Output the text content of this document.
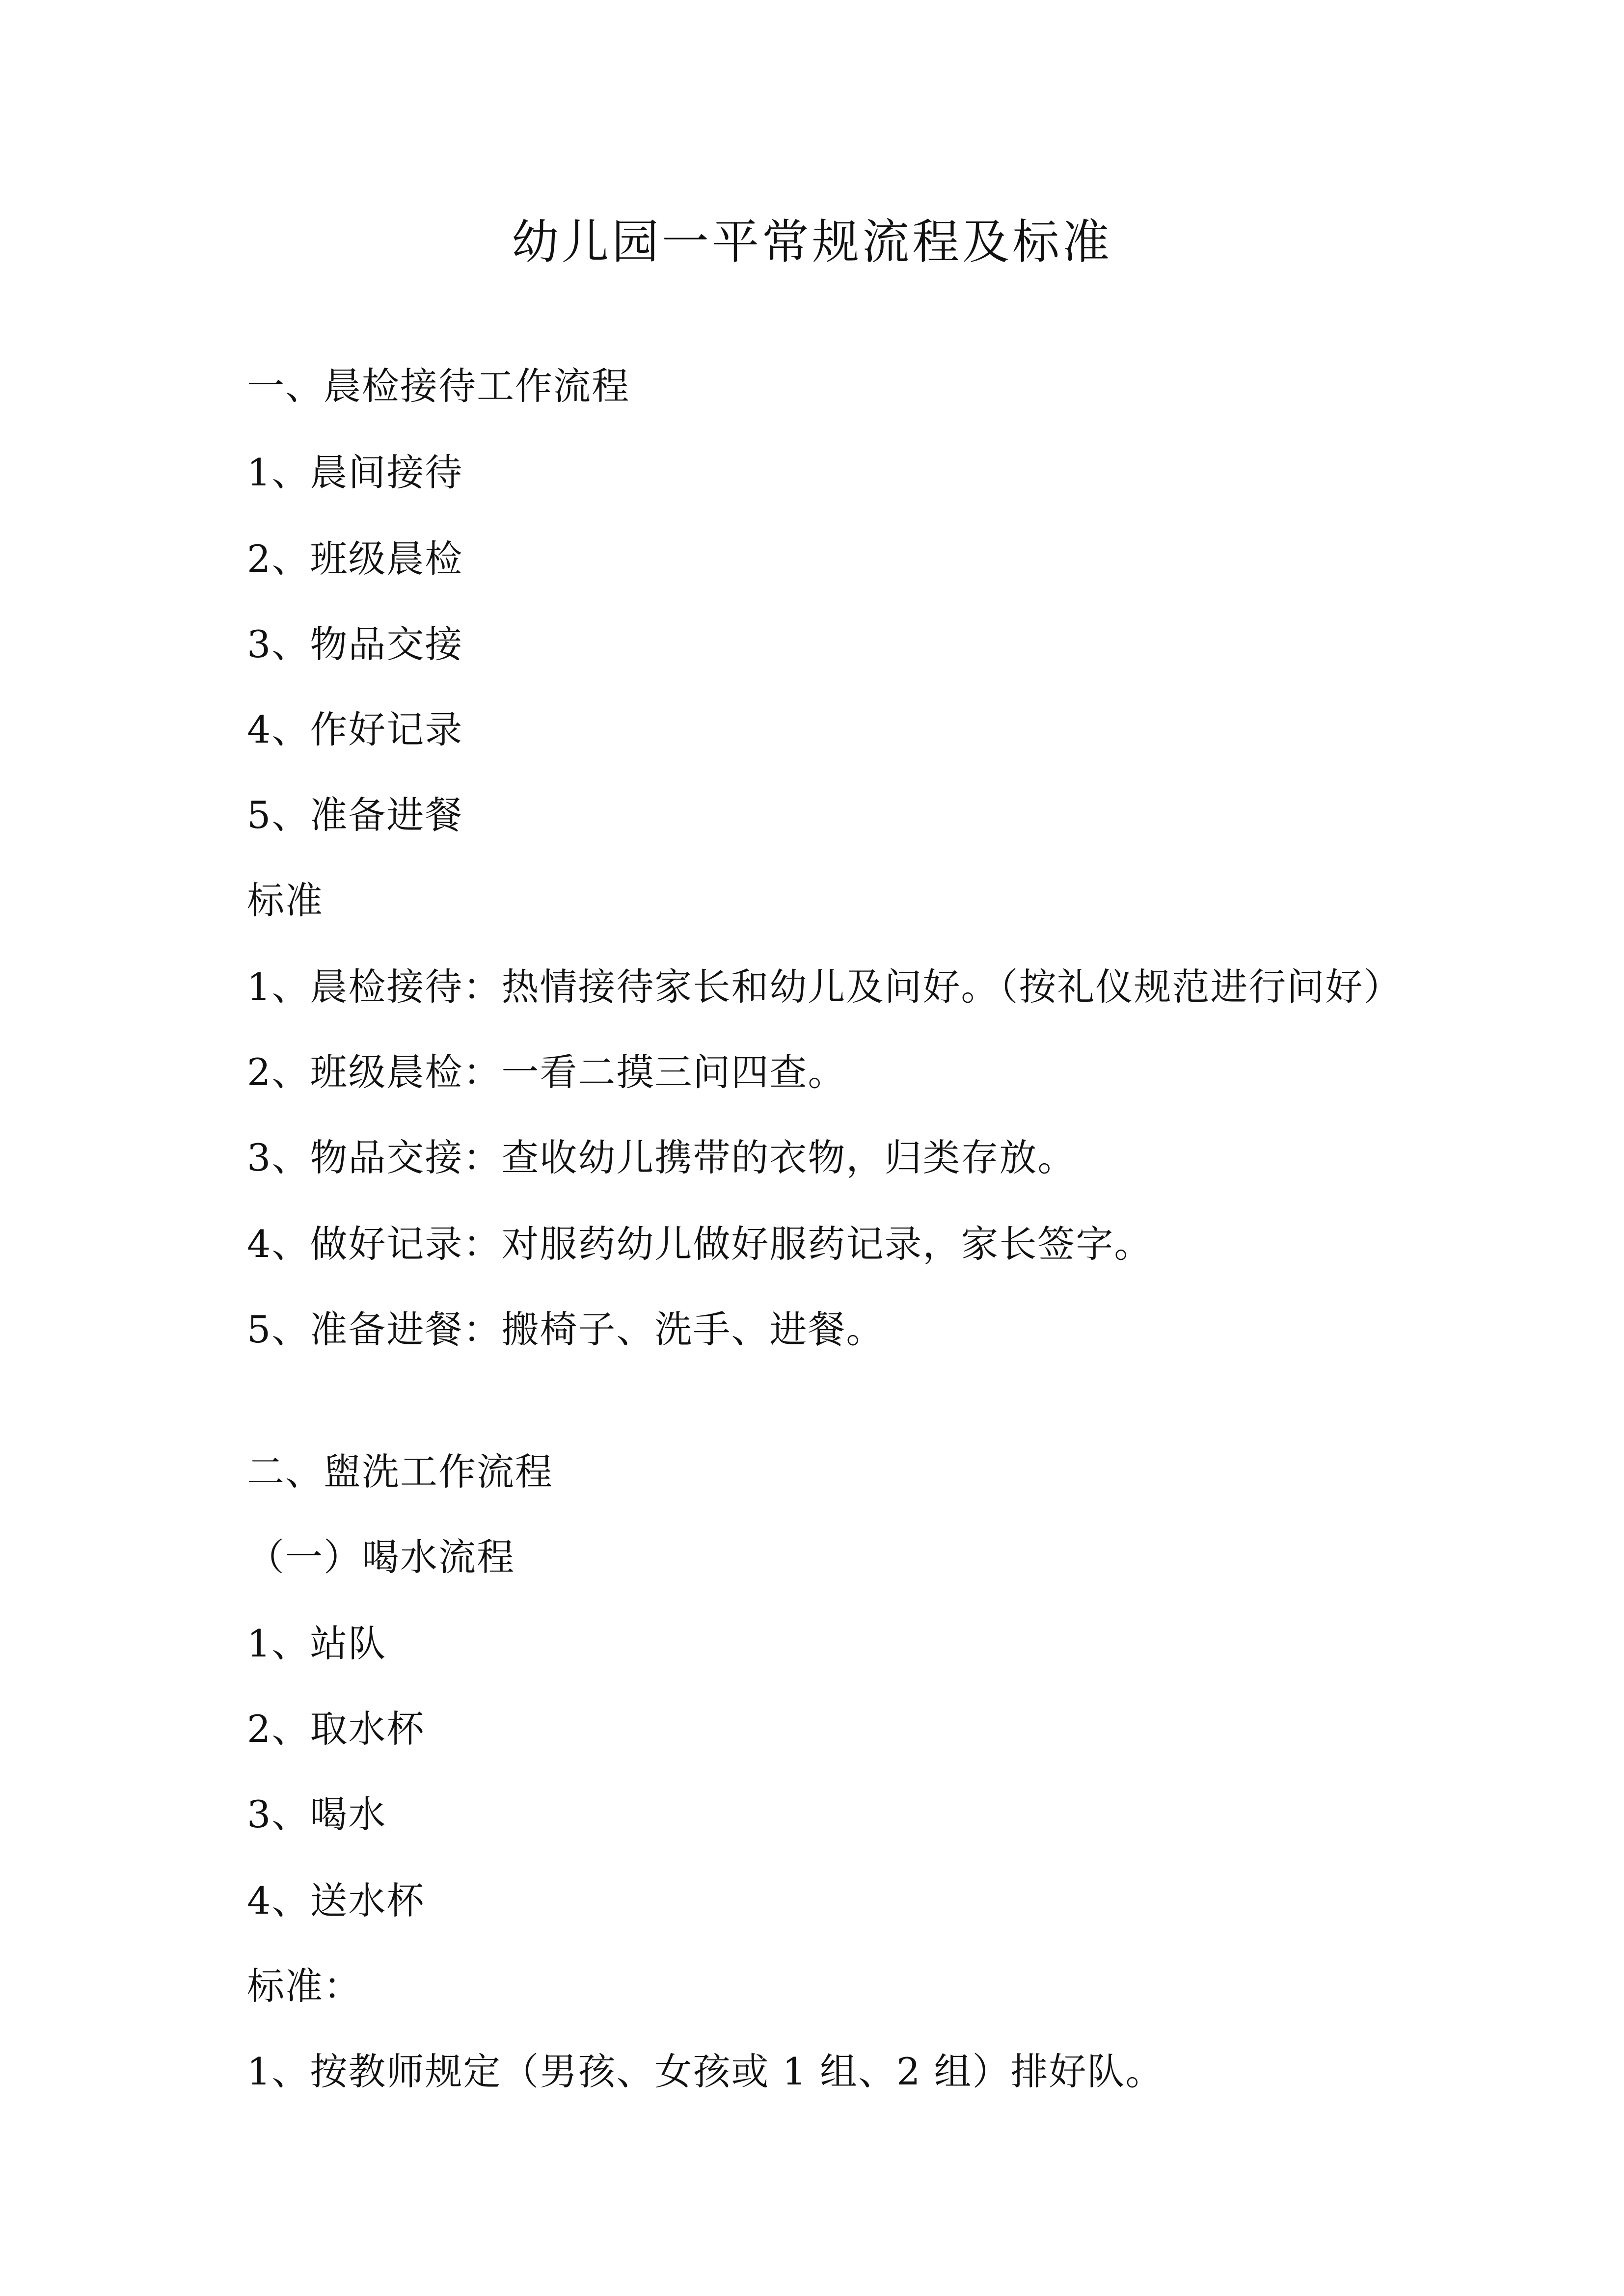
幼儿园一平常规流程及标准
一、晨检接待工作流程
1、晨间接待
2、班级晨检
3、物品交接
4、作好记录
5、准备进餐
标准
1、晨检接待：热情接待家长和幼儿及问好。（按礼仪规范进行问好）
2、班级晨检：一看二摸三问四查。
3、物品交接：查收幼儿携带的衣物，归类存放。
4、做好记录：对服药幼儿做好服药记录，家长签字。
5、准备进餐：搬椅子、洗手、进餐。
二、盥洗工作流程
（一）喝水流程
1、站队
2、取水杯
3、喝水
4、送水杯
标准：
1、按教师规定（男孩、女孩或 1 组、2 组）排好队。
